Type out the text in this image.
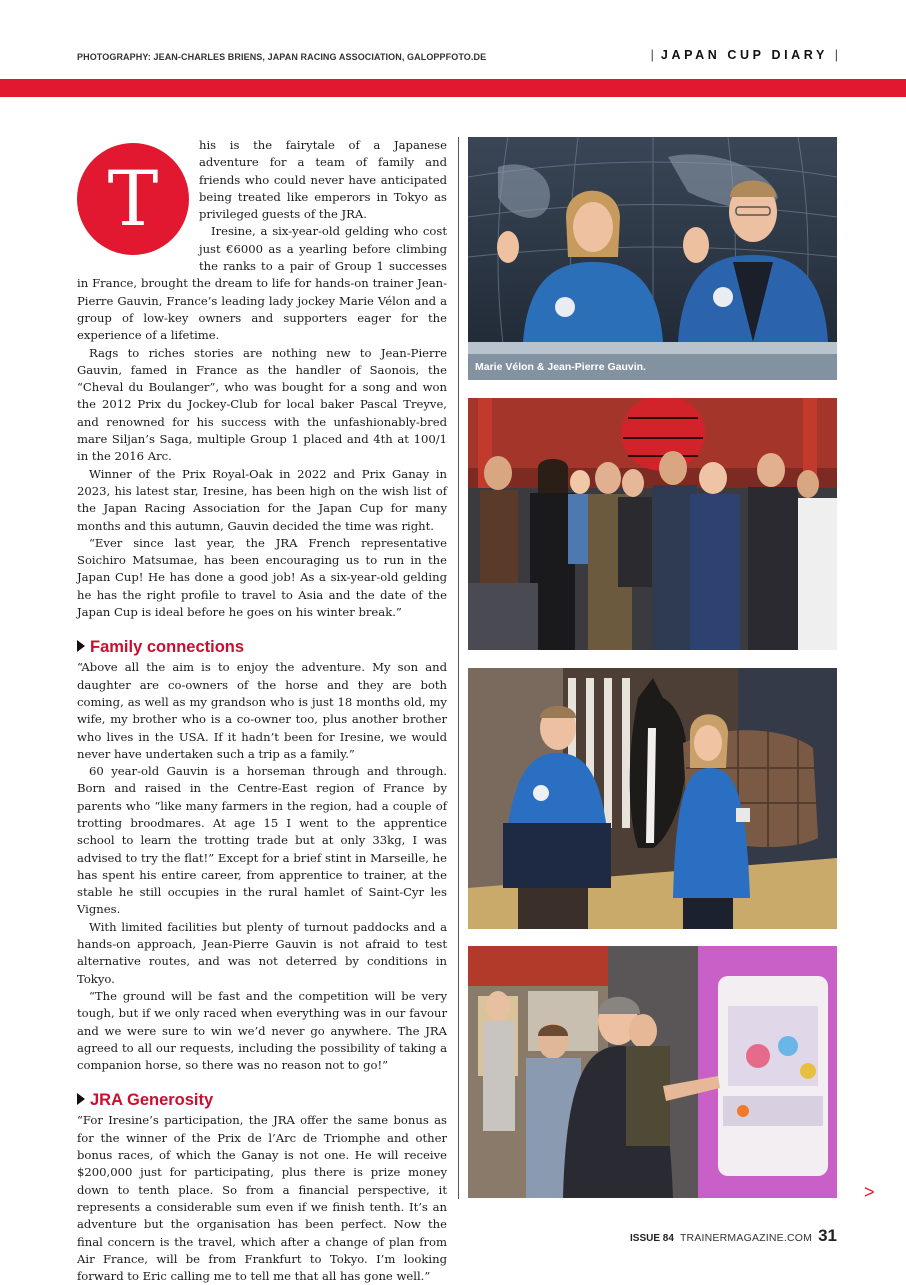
PHOTOGRAPHY: JEAN-CHARLES BRIENS, JAPAN RACING ASSOCIATION, GALOPPFOTO.DE	| JAPAN CUP DIARY |
T

his is the fairytale of a Japanese adventure for a team of family and friends who could never have anticipated being treated like emperors in Tokyo as privileged guests of the JRA.

Iresine, a six-year-old gelding who cost just €6000 as a yearling before climbing the ranks to a pair of Group 1 successes in France, brought the dream to life for hands-on trainer Jean-Pierre Gauvin, France’s leading lady jockey Marie Vélon and a group of low-key owners and supporters eager for the experience of a lifetime.

Rags to riches stories are nothing new to Jean-Pierre Gauvin, famed in France as the handler of Saonois, the “Cheval du Boulanger”, who was bought for a song and won the 2012 Prix du Jockey-Club for local baker Pascal Treyve, and renowned for his success with the unfashionably-bred mare Siljan’s Saga, multiple Group 1 placed and 4th at 100/1 in the 2016 Arc.

Winner of the Prix Royal-Oak in 2022 and Prix Ganay in 2023, his latest star, Iresine, has been high on the wish list of the Japan Racing Association for the Japan Cup for many months and this autumn, Gauvin decided the time was right.

“Ever since last year, the JRA French representative Soichiro Matsumae, has been encouraging us to run in the Japan Cup! He has done a good job! As a six-year-old gelding he has the right profile to travel to Asia and the date of the Japan Cup is ideal before he goes on his winter break.”

Family connections

“Above all the aim is to enjoy the adventure. My son and daughter are co-owners of the horse and they are both coming, as well as my grandson who is just 18 months old, my wife, my brother who is a co-owner too, plus another brother who lives in the USA. If it hadn’t been for Iresine, we would never have undertaken such a trip as a family.”

60 year-old Gauvin is a horseman through and through. Born and raised in the Centre-East region of France by parents who “like many farmers in the region, had a couple of trotting broodmares. At age 15 I went to the apprentice school to learn the trotting trade but at only 33kg, I was advised to try the flat!” Except for a brief stint in Marseille, he has spent his entire career, from apprentice to trainer, at the stable he still occupies in the rural hamlet of Saint-Cyr les Vignes.

With limited facilities but plenty of turnout paddocks and a hands-on approach, Jean-Pierre Gauvin is not afraid to test alternative routes, and was not deterred by conditions in Tokyo.

“The ground will be fast and the competition will be very tough, but if we only raced when everything was in our favour and we were sure to win we’d never go anywhere. The JRA agreed to all our requests, including the possibility of taking a companion horse, so there was no reason not to go!”

JRA Generosity

“For Iresine’s participation, the JRA offer the same bonus as for the winner of the Prix de l’Arc de Triomphe and other bonus races, of which the Ganay is not one. He will receive $200,000 just for participating, plus there is prize money down to tenth place. So from a financial perspective, it represents a considerable sum even if we finish tenth. It’s an adventure but the organisation has been perfect. Now the final concern is the travel, which after a change of plan from Air France, will be from Frankfurt to Tokyo. I’m looking forward to Eric calling me to tell me that all has gone well.”

Marie Vélon & Jean-Pierre Gauvin.
>
ISSUE 84 TRAINERMAGAZINE.COM 31
